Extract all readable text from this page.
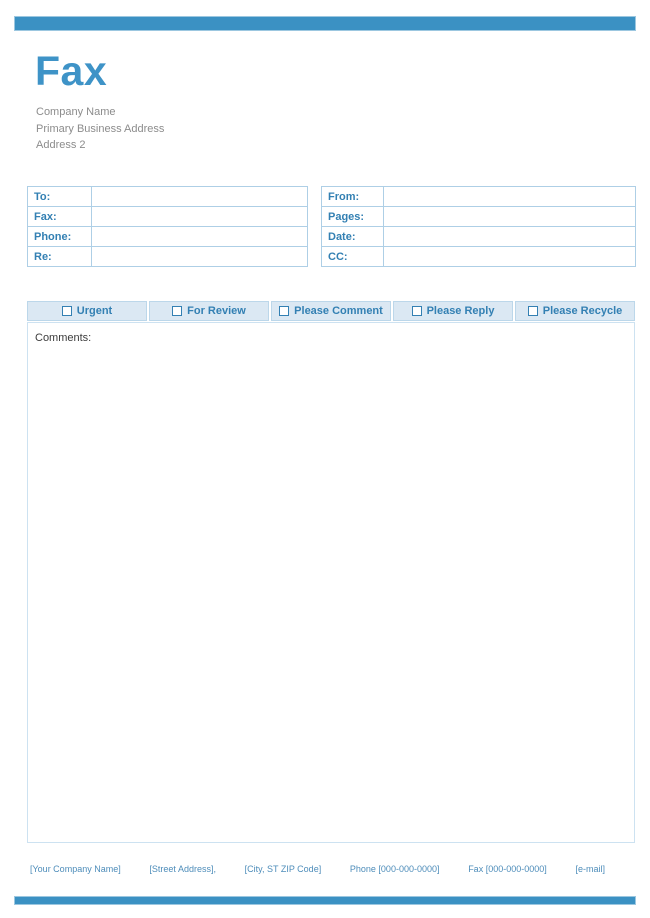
Fax
Company Name
Primary Business Address
Address 2
To:
Fax:
Phone:
Re:
From:
Pages:
Date:
CC:
Urgent	For Review	Please Comment	Please Reply	Please Recycle
Comments:
[Your Company Name]	[Street Address],	[City, ST ZIP Code]	Phone [000-000-0000]	Fax [000-000-0000]	[e-mail]
